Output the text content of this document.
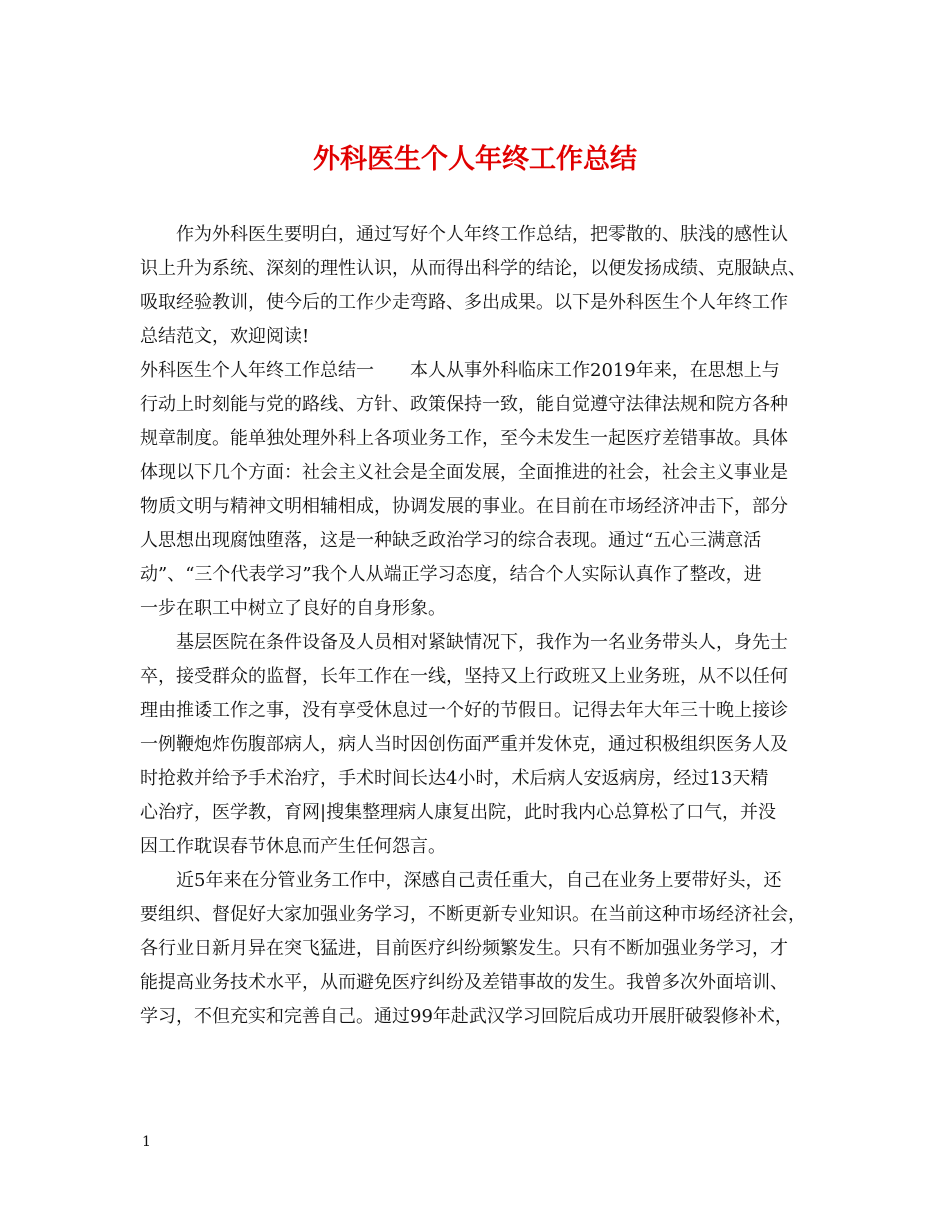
外科医生个人年终工作总结
　　作为外科医生要明白，通过写好个人年终工作总结，把零散的、肤浅的感性认
识上升为系统、深刻的理性认识，从而得出科学的结论，以便发扬成绩、克服缺点、
吸取经验教训，使今后的工作少走弯路、多出成果。以下是外科医生个人年终工作
总结范文，欢迎阅读!
外科医生个人年终工作总结一　　本人从事外科临床工作2019年来，在思想上与
行动上时刻能与党的路线、方针、政策保持一致，能自觉遵守法律法规和院方各种
规章制度。能单独处理外科上各项业务工作，至今未发生一起医疗差错事故。具体
体现以下几个方面：社会主义社会是全面发展，全面推进的社会，社会主义事业是
物质文明与精神文明相辅相成，协调发展的事业。在目前在市场经济冲击下，部分
人思想出现腐蚀堕落，这是一种缺乏政治学习的综合表现。通过“五心三满意活
动”、“三个代表学习”我个人从端正学习态度，结合个人实际认真作了整改，进
一步在职工中树立了良好的自身形象。
　　基层医院在条件设备及人员相对紧缺情况下，我作为一名业务带头人，身先士
卒，接受群众的监督，长年工作在一线，坚持又上行政班又上业务班，从不以任何
理由推诿工作之事，没有享受休息过一个好的节假日。记得去年大年三十晚上接诊
一例鞭炮炸伤腹部病人，病人当时因创伤面严重并发休克，通过积极组织医务人及
时抢救并给予手术治疗，手术时间长达4小时，术后病人安返病房，经过13天精
心治疗，医学教，育网|搜集整理病人康复出院，此时我内心总算松了口气，并没
因工作耽误春节休息而产生任何怨言。
　　近5年来在分管业务工作中，深感自己责任重大，自己在业务上要带好头，还
要组织、督促好大家加强业务学习，不断更新专业知识。在当前这种市场经济社会，
各行业日新月异在突飞猛进，目前医疗纠纷频繁发生。只有不断加强业务学习，才
能提高业务技术水平，从而避免医疗纠纷及差错事故的发生。我曾多次外面培训、
学习，不但充实和完善自己。通过99年赴武汉学习回院后成功开展肝破裂修补术，
1
